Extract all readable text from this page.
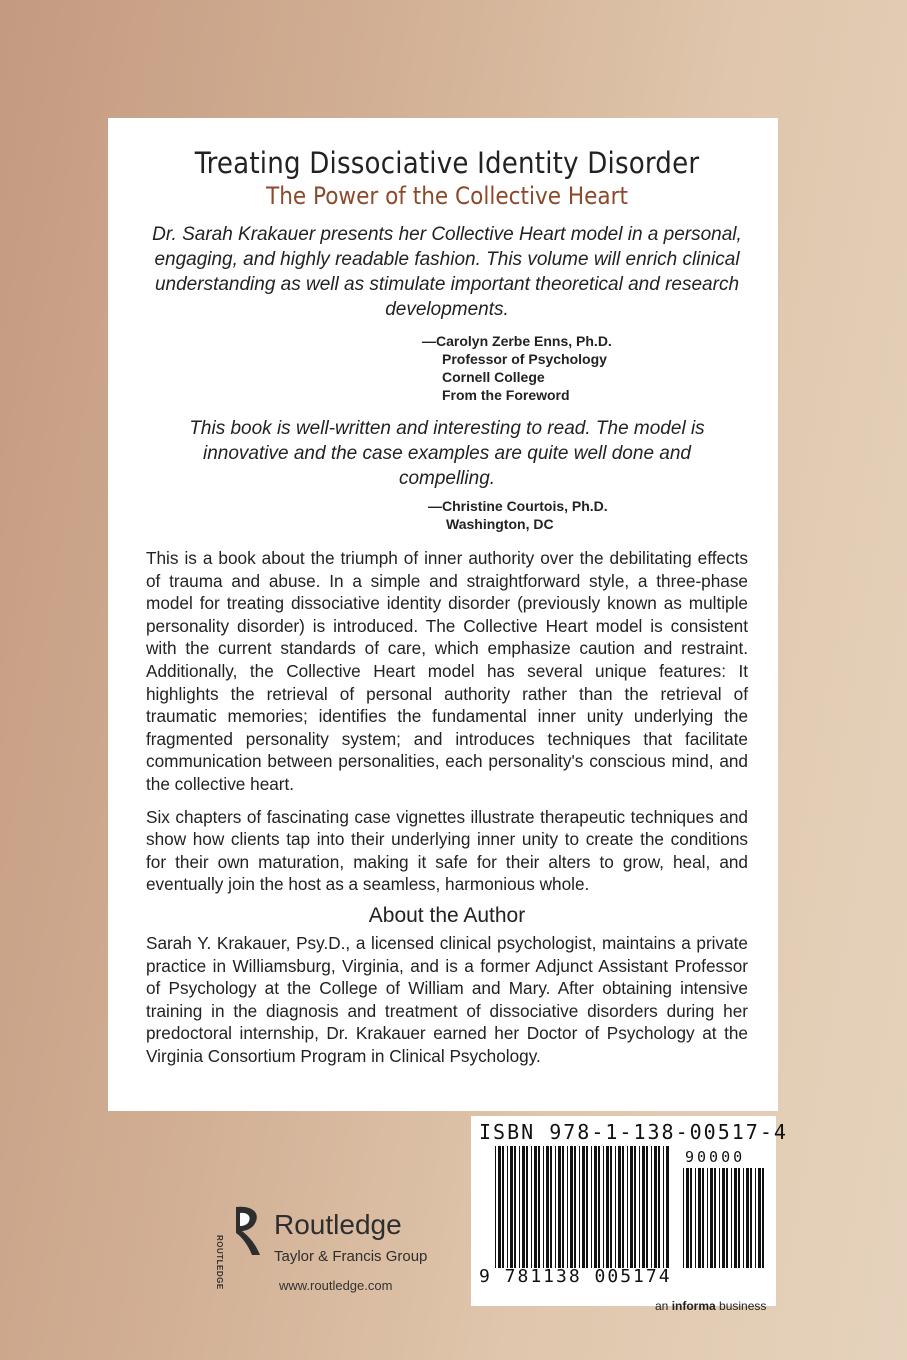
Treating Dissociative Identity Disorder
The Power of the Collective Heart
Dr. Sarah Krakauer presents her Collective Heart model in a personal, engaging, and highly readable fashion. This volume will enrich clinical understanding as well as stimulate important theoretical and research developments.
—Carolyn Zerbe Enns, Ph.D.
Professor of Psychology
Cornell College
From the Foreword
This book is well-written and interesting to read. The model is innovative and the case examples are quite well done and compelling.
—Christine Courtois, Ph.D.
Washington, DC
This is a book about the triumph of inner authority over the debilitating effects of trauma and abuse. In a simple and straightforward style, a three-phase model for treating dissociative identity disorder (previously known as multiple personality disorder) is introduced. The Collective Heart model is consistent with the current standards of care, which emphasize caution and restraint. Additionally, the Collective Heart model has several unique features: It highlights the retrieval of personal authority rather than the retrieval of traumatic memories; identifies the fundamental inner unity underlying the fragmented personality system; and introduces techniques that facilitate communication between personalities, each personality's conscious mind, and the collective heart.
Six chapters of fascinating case vignettes illustrate therapeutic techniques and show how clients tap into their underlying inner unity to create the conditions for their own maturation, making it safe for their alters to grow, heal, and eventually join the host as a seamless, harmonious whole.
About the Author
Sarah Y. Krakauer, Psy.D., a licensed clinical psychologist, maintains a private practice in Williamsburg, Virginia, and is a former Adjunct Assistant Professor of Psychology at the College of William and Mary. After obtaining intensive training in the diagnosis and treatment of dissociative disorders during her predoctoral internship, Dr. Krakauer earned her Doctor of Psychology at the Virginia Consortium Program in Clinical Psychology.
ROUTLEDGE
Routledge
Taylor & Francis Group
www.routledge.com
ISBN 978-1-138-00517-4
90000
9 781138 005174
an informa business
